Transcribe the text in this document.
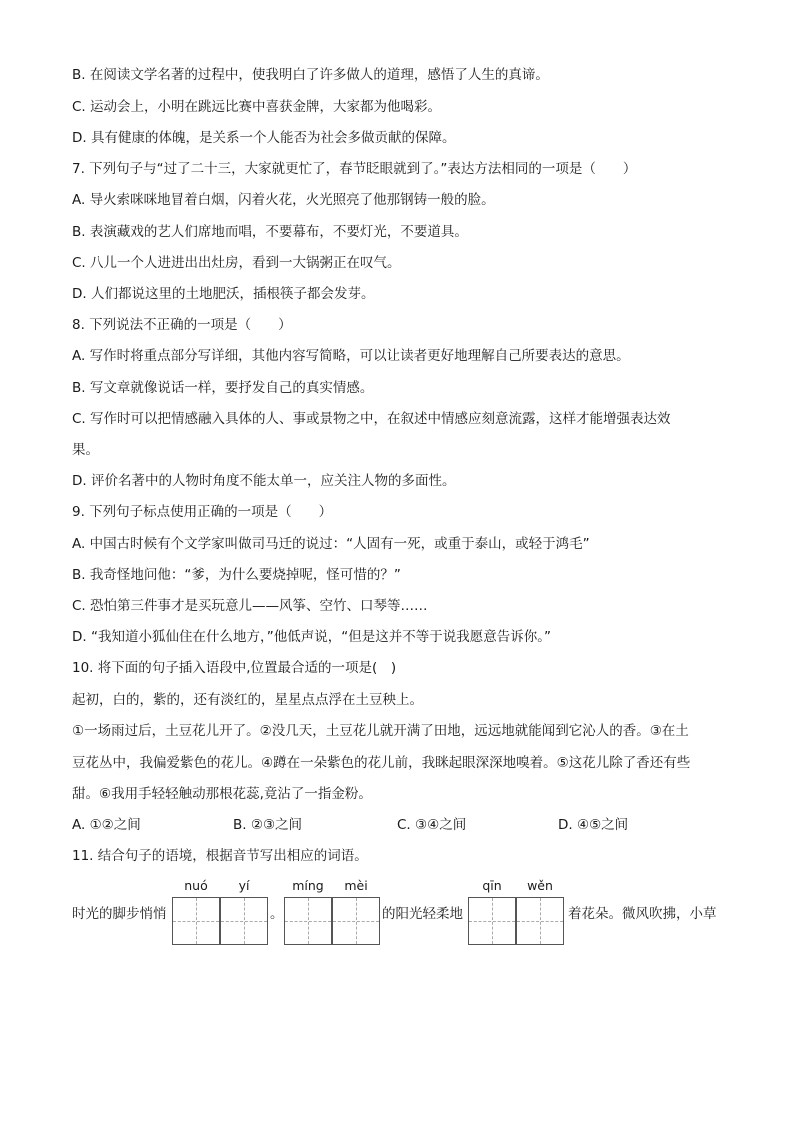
B. 在阅读文学名著的过程中，使我明白了许多做人的道理，感悟了人生的真谛。
C. 运动会上，小明在跳远比赛中喜获金牌，大家都为他喝彩。
D. 具有健康的体魄，是关系一个人能否为社会多做贡献的保障。
7. 下列句子与“过了二十三，大家就更忙了，春节眨眼就到了。”表达方法相同的一项是（　　）
A. 导火索咪咪地冒着白烟，闪着火花，火光照亮了他那钢铸一般的脸。
B. 表演藏戏的艺人们席地而唱，不要幕布，不要灯光，不要道具。
C. 八儿一个人进进出出灶房，看到一大锅粥正在叹气。
D. 人们都说这里的土地肥沃，插根筷子都会发芽。
8. 下列说法不正确的一项是（　　）
A. 写作时将重点部分写详细，其他内容写简略，可以让读者更好地理解自己所要表达的意思。
B. 写文章就像说话一样，要抒发自己的真实情感。
C. 写作时可以把情感融入具体的人、事或景物之中，在叙述中情感应刻意流露，这样才能增强表达效
果。
D. 评价名著中的人物时角度不能太单一，应关注人物的多面性。
9. 下列句子标点使用正确的一项是（　　）
A. 中国古时候有个文学家叫做司马迁的说过：“人固有一死，或重于泰山，或轻于鸿毛”
B. 我奇怪地问他：“爹，为什么要烧掉呢，怪可惜的？”
C. 恐怕第三件事才是买玩意儿——风筝、空竹、口琴等……
D. “我知道小狐仙住在什么地方，”他低声说，“但是这并不等于说我愿意告诉你。”
10. 将下面的句子插入语段中,位置最合适的一项是(　)
起初，白的，紫的，还有淡红的，星星点点浮在土豆秧上。
①一场雨过后，土豆花儿开了。②没几天，土豆花儿就开满了田地，远远地就能闻到它沁人的香。③在土
豆花丛中，我偏爱紫色的花儿。④蹲在一朵紫色的花儿前，我眯起眼深深地嗅着。⑤这花儿除了香还有些
甜。⑥我用手轻轻触动那根花蕊,竟沾了一指金粉。
A. ①②之间	B. ②③之间	C. ③④之间	D. ④⑤之间
11. 结合句子的语境，根据音节写出相应的词语。
时光的脚步悄悄
nuó	yí
。
míng	mèi
的阳光轻柔地
qīn	wěn
着花朵。微风吹拂，小草
